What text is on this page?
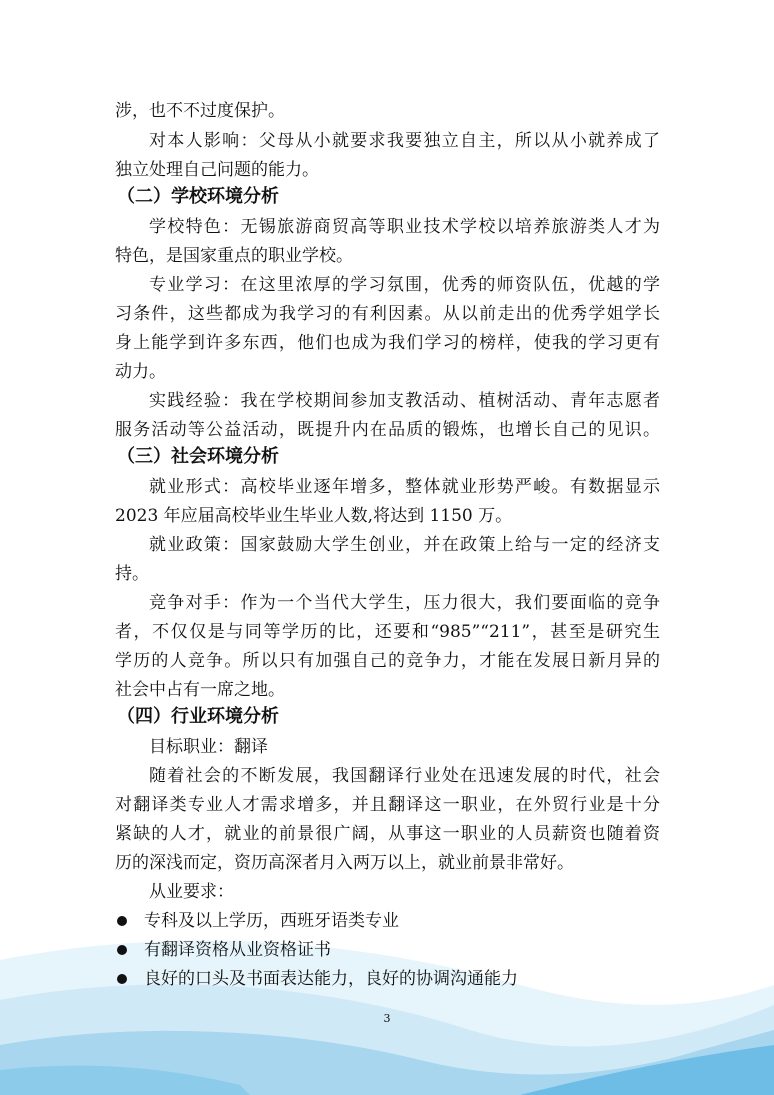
涉，也不不过度保护。
对本人影响：父母从小就要求我要独立自主，所以从小就养成了
独立处理自己问题的能力。
（二）学校环境分析
学校特色：无锡旅游商贸高等职业技术学校以培养旅游类人才为
特色，是国家重点的职业学校。
专业学习：在这里浓厚的学习氛围，优秀的师资队伍，优越的学
习条件，这些都成为我学习的有利因素。从以前走出的优秀学姐学长
身上能学到许多东西，他们也成为我们学习的榜样，使我的学习更有
动力。
实践经验：我在学校期间参加支教活动、植树活动、青年志愿者
服务活动等公益活动，既提升内在品质的锻炼，也增长自己的见识。
（三）社会环境分析
就业形式：高校毕业逐年增多，整体就业形势严峻。有数据显示
2023 年应届高校毕业生毕业人数,将达到 1150 万。
就业政策：国家鼓励大学生创业，并在政策上给与一定的经济支
持。
竞争对手：作为一个当代大学生，压力很大，我们要面临的竞争
者，不仅仅是与同等学历的比，还要和“985”“211”，甚至是研究生
学历的人竞争。所以只有加强自己的竞争力，才能在发展日新月异的
社会中占有一席之地。
（四）行业环境分析
目标职业：翻译
随着社会的不断发展，我国翻译行业处在迅速发展的时代，社会
对翻译类专业人才需求增多，并且翻译这一职业，在外贸行业是十分
紧缺的人才，就业的前景很广阔，从事这一职业的人员薪资也随着资
历的深浅而定，资历高深者月入两万以上，就业前景非常好。
从业要求：
专科及以上学历，西班牙语类专业
有翻译资格从业资格证书
良好的口头及书面表达能力，良好的协调沟通能力
3
